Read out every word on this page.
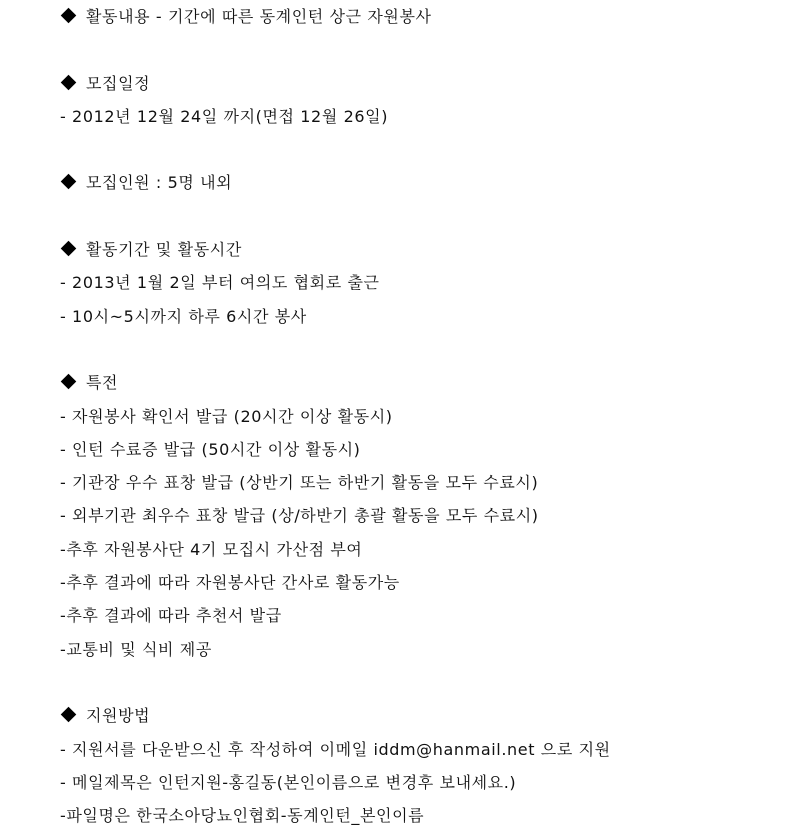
활동내용 - 기간에 따른 동계인턴 상근 자원봉사
모집일정
- 2012년 12월 24일 까지(면접 12월 26일)
모집인원 : 5명 내외
활동기간 및 활동시간
- 2013년 1월 2일 부터 여의도 협회로 출근
- 10시~5시까지 하루 6시간 봉사
특전
- 자원봉사 확인서 발급 (20시간 이상 활동시)
- 인턴 수료증 발급 (50시간 이상 활동시)
- 기관장 우수 표창 발급 (상반기 또는 하반기 활동을 모두 수료시)
- 외부기관 최우수 표창 발급 (상/하반기 총괄 활동을 모두 수료시)
-추후 자원봉사단 4기 모집시 가산점 부여
-추후 결과에 따라 자원봉사단 간사로 활동가능
-추후 결과에 따라 추천서 발급
-교통비 및 식비 제공
지원방법
- 지원서를 다운받으신 후 작성하여 이메일 iddm@hanmail.net 으로 지원
- 메일제목은 인턴지원-홍길동(본인이름으로 변경후 보내세요.)
-파일명은 한국소아당뇨인협회-동계인턴_본인이름
